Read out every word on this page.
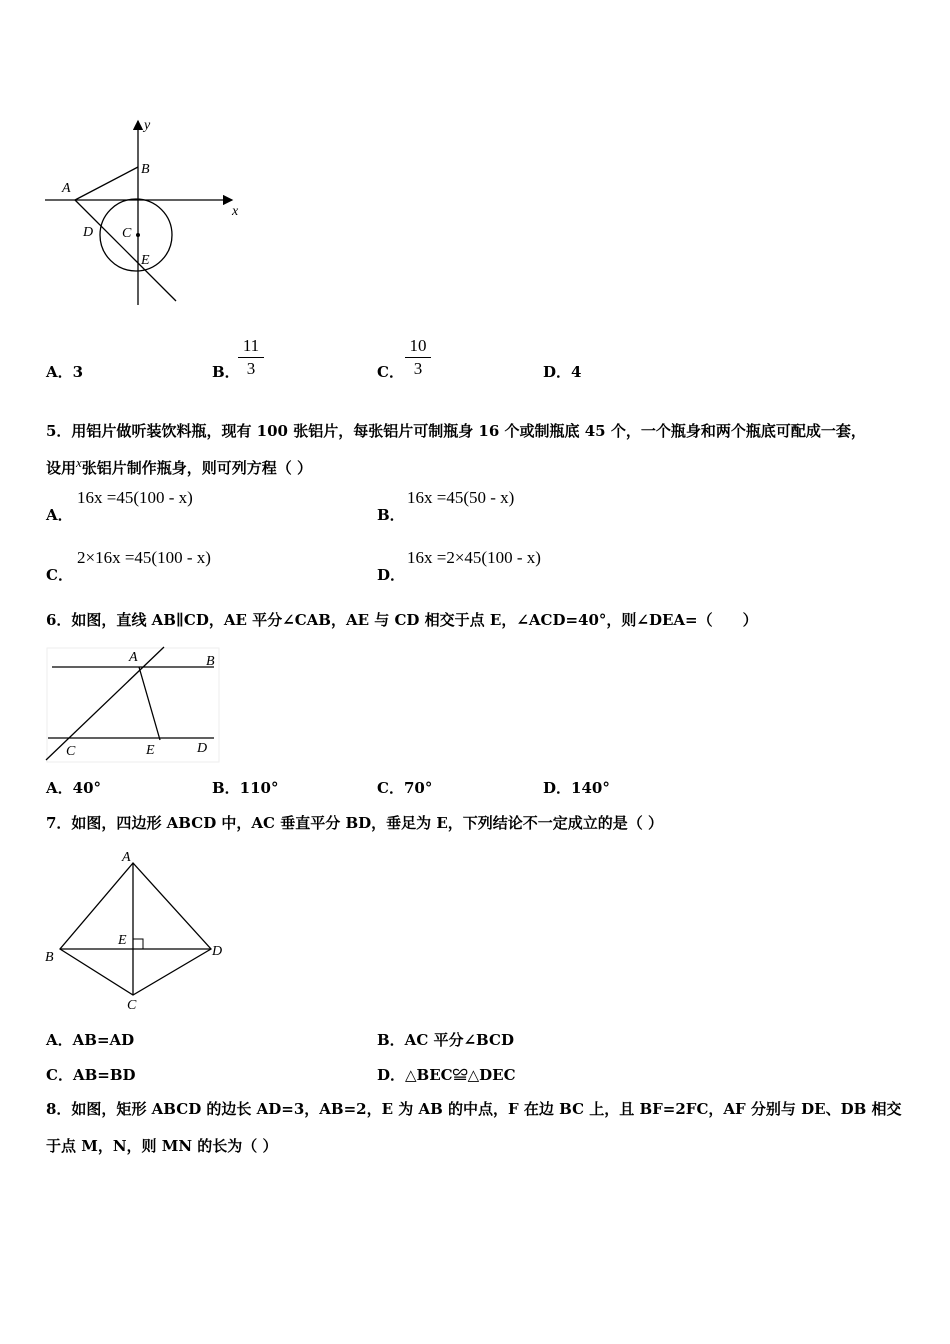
y
x
A
B
C
D
E
A．3	B．
$\frac{11}{3}$	C． $\frac{10}{3}$	D．4
5．用铝片做听装饮料瓶，现有 100 张铝片，每张铝片可制瓶身 16 个或制瓶底 45 个，一个瓶身和两个瓶底可配成一套，
设用x张铝片制作瓶身，则可列方程（ ）
A．
16x =45(100 - x)
B．
16x =45(50 - x)
C．
2×16x =45(100 - x)
D．
16x =2×45(100 - x)
6．如图，直线 AB∥CD，AE 平分∠CAB，AE 与 CD 相交于点 E，∠ACD=40°，则∠DEA=（　　）
A	B
C	E	D
A．40°	B．110°	C．70°	D．140°
7．如图，四边形 ABCD 中，AC 垂直平分 BD，垂足为 E，下列结论不一定成立的是（ ）
A
B
E
D
C
A．AB=AD	B．AC 平分∠BCD
C．AB=BD	D．△BEC≌△DEC
8．如图，矩形 ABCD 的边长 AD=3，AB=2，E 为 AB 的中点，F 在边 BC 上，且 BF=2FC，AF 分别与 DE、DB 相交
于点 M，N，则 MN 的长为（ ）
